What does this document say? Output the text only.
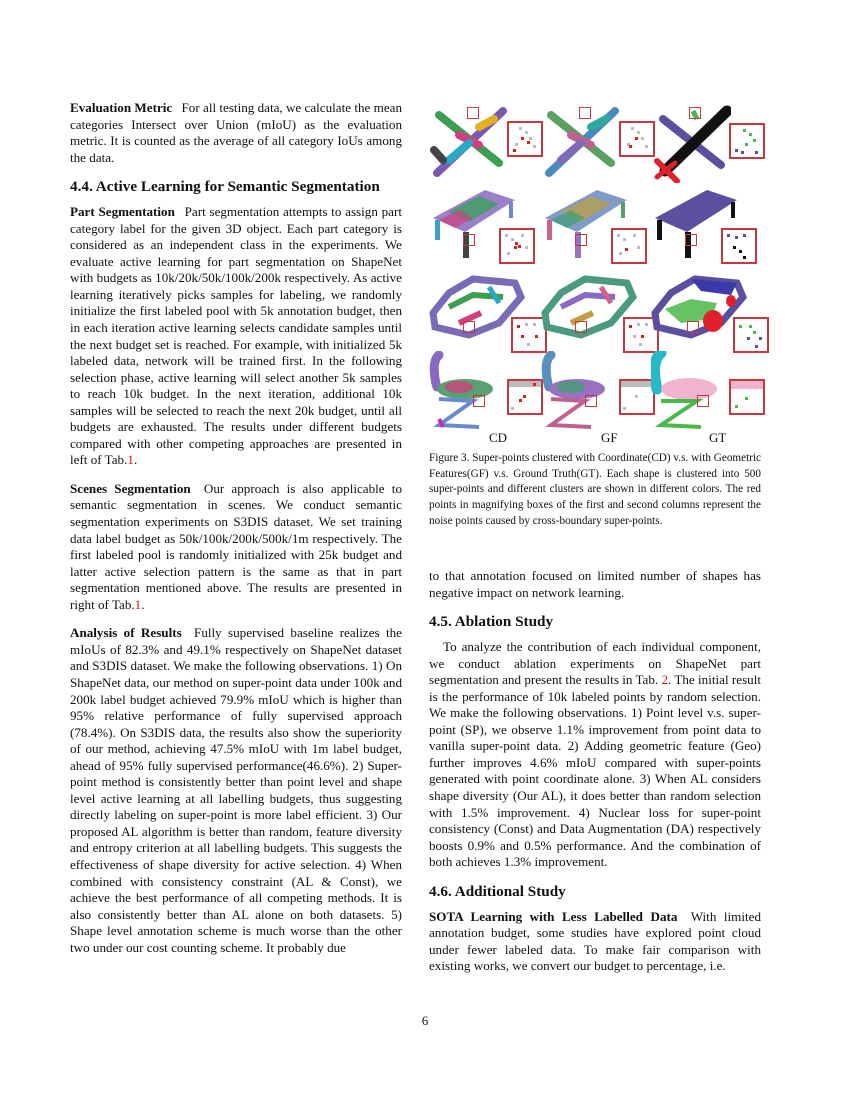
Evaluation Metric For all testing data, we calculate the mean categories Intersect over Union (mIoU) as the evaluation metric. It is counted as the average of all category IoUs among the data.

4.4. Active Learning for Semantic Segmentation

Part Segmentation Part segmentation attempts to assign part category label for the given 3D object. Each part category is considered as an independent class in the experiments. We evaluate active learning for part segmentation on ShapeNet with budgets as 10k/20k/50k/100k/200k respectively. As active learning iteratively picks samples for labeling, we randomly initialize the first labeled pool with 5k annotation budget, then in each iteration active learning selects candidate samples until the next budget set is reached. For example, with initialized 5k labeled data, network will be trained first. In the following selection phase, active learning will select another 5k samples to reach 10k budget. In the next iteration, additional 10k samples will be selected to reach the next 20k budget, until all budgets are exhausted. The results under different budgets compared with other competing approaches are presented in left of Tab.1.

Scenes Segmentation Our approach is also applicable to semantic segmentation in scenes. We conduct semantic segmentation experiments on S3DIS dataset. We set training data label budget as 50k/100k/200k/500k/1m respectively. The first labeled pool is randomly initialized with 25k budget and latter active selection pattern is the same as that in part segmentation mentioned above. The results are presented in right of Tab.1.

Analysis of Results Fully supervised baseline realizes the mIoUs of 82.3% and 49.1% respectively on ShapeNet dataset and S3DIS dataset. We make the following observations. 1) On ShapeNet data, our method on super-point data under 100k and 200k label budget achieved 79.9% mIoU which is higher than 95% relative performance of fully supervised approach (78.4%). On S3DIS data, the results also show the superiority of our method, achieving 47.5% mIoU with 1m label budget, ahead of 95% fully supervised performance(46.6%). 2) Super-point method is consistently better than point level and shape level active learning at all labelling budgets, thus suggesting directly labeling on super-point is more label efficient. 3) Our proposed AL algorithm is better than random, feature diversity and entropy criterion at all labelling budgets. This suggests the effectiveness of shape diversity for active selection. 4) When combined with consistency constraint (AL & Const), we achieve the best performance of all competing methods. It is also consistently better than AL alone on both datasets. 5) Shape level annotation scheme is much worse than the other two under our cost counting scheme. It probably due

CD	GF	GT

Figure 3. Super-points clustered with Coordinate(CD) v.s. with Geometric Features(GF) v.s. Ground Truth(GT). Each shape is clustered into 500 super-points and different clusters are shown in different colors. The red points in magnifying boxes of the first and second columns represent the noise points caused by cross-boundary super-points.

to that annotation focused on limited number of shapes has negative impact on network learning.

4.5. Ablation Study

To analyze the contribution of each individual component, we conduct ablation experiments on ShapeNet part segmentation and present the results in Tab. 2. The initial result is the performance of 10k labeled points by random selection. We make the following observations. 1) Point level v.s. super-point (SP), we observe 1.1% improvement from point data to vanilla super-point data. 2) Adding geometric feature (Geo) further improves 4.6% mIoU compared with super-points generated with point coordinate alone. 3) When AL considers shape diversity (Our AL), it does better than random selection with 1.5% improvement. 4) Nuclear loss for super-point consistency (Const) and Data Augmentation (DA) respectively boosts 0.9% and 0.5% performance. And the combination of both achieves 1.3% improvement.

4.6. Additional Study

SOTA Learning with Less Labelled Data With limited annotation budget, some studies have explored point cloud under fewer labeled data. To make fair comparison with existing works, we convert our budget to percentage, i.e.

6
